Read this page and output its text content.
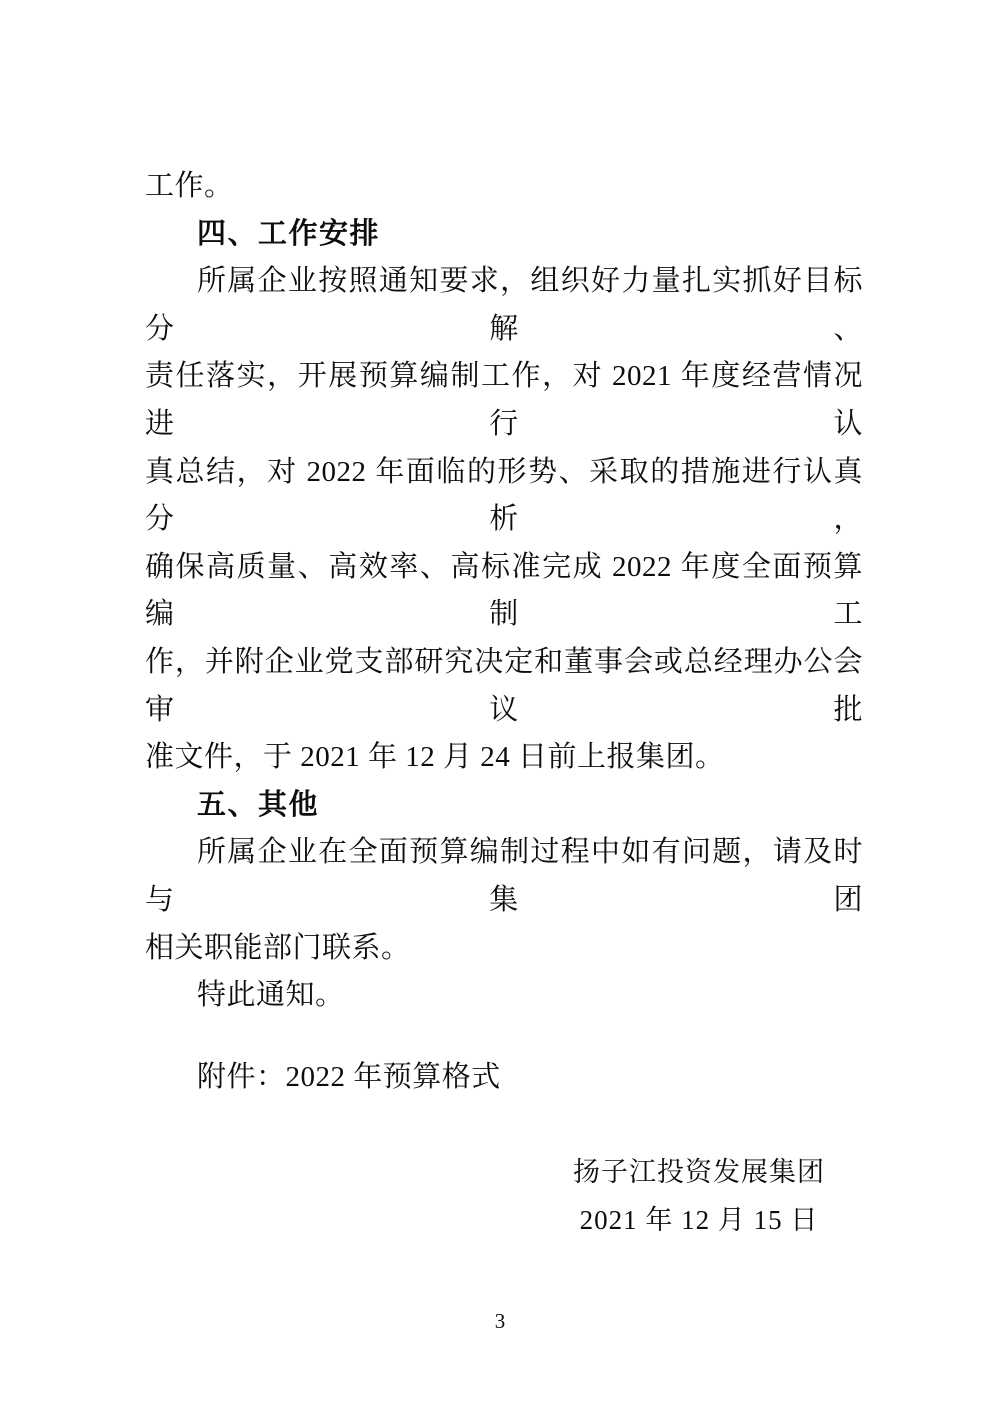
工作。
四、工作安排
所属企业按照通知要求，组织好力量扎实抓好目标分解、
责任落实，开展预算编制工作，对 2021 年度经营情况进行认
真总结，对 2022 年面临的形势、采取的措施进行认真分析，
确保高质量、高效率、高标准完成 2022 年度全面预算编制工
作，并附企业党支部研究决定和董事会或总经理办公会审议批
准文件，于 2021 年 12 月 24 日前上报集团。
五、其他
所属企业在全面预算编制过程中如有问题，请及时与集团
相关职能部门联系。
特此通知。
附件：2022 年预算格式
扬子江投资发展集团
2021 年 12 月 15 日
3
